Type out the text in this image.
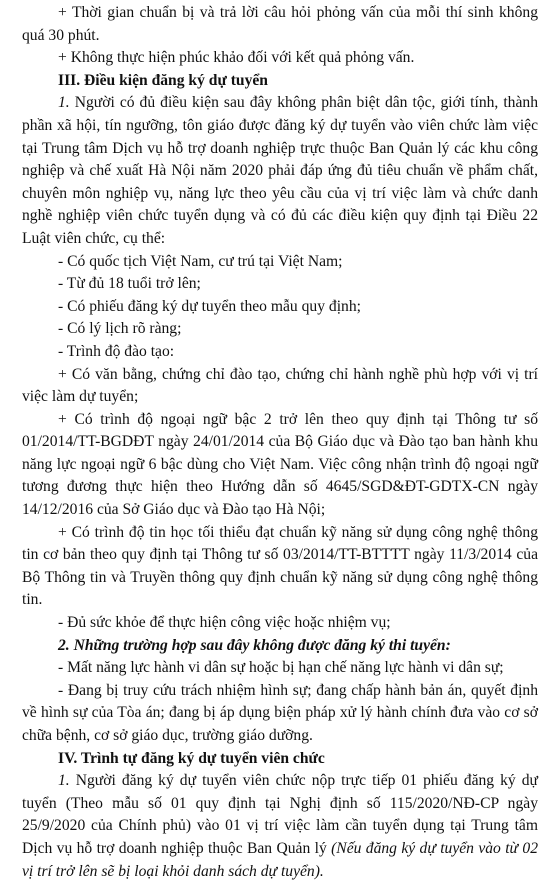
+ Thời gian chuẩn bị và trả lời câu hỏi phỏng vấn của mỗi thí sinh không quá 30 phút.

+ Không thực hiện phúc khảo đối với kết quả phỏng vấn.

III. Điều kiện đăng ký dự tuyển

1. Người có đủ điều kiện sau đây không phân biệt dân tộc, giới tính, thành phần xã hội, tín ngưỡng, tôn giáo được đăng ký dự tuyển vào viên chức làm việc tại Trung tâm Dịch vụ hỗ trợ doanh nghiệp trực thuộc Ban Quản lý các khu công nghiệp và chế xuất Hà Nội năm 2020 phải đáp ứng đủ tiêu chuẩn về phẩm chất, chuyên môn nghiệp vụ, năng lực theo yêu cầu của vị trí việc làm và chức danh nghề nghiệp viên chức tuyển dụng và có đủ các điều kiện quy định tại Điều 22 Luật viên chức, cụ thể:

- Có quốc tịch Việt Nam, cư trú tại Việt Nam;

- Từ đủ 18 tuổi trở lên;

- Có phiếu đăng ký dự tuyển theo mẫu quy định;

- Có lý lịch rõ ràng;

- Trình độ đào tạo:

+ Có văn bằng, chứng chỉ đào tạo, chứng chỉ hành nghề phù hợp với vị trí việc làm dự tuyển;

+ Có trình độ ngoại ngữ bậc 2 trở lên theo quy định tại Thông tư số 01/2014/TT-BGDĐT ngày 24/01/2014 của Bộ Giáo dục và Đào tạo ban hành khu năng lực ngoại ngữ 6 bậc dùng cho Việt Nam. Việc công nhận trình độ ngoại ngữ tương đương thực hiện theo Hướng dẫn số 4645/SGD&ĐT-GDTX-CN ngày 14/12/2016 của Sở Giáo dục và Đào tạo Hà Nội;

+ Có trình độ tin học tối thiểu đạt chuẩn kỹ năng sử dụng công nghệ thông tin cơ bản theo quy định tại Thông tư số 03/2014/TT-BTTTT ngày 11/3/2014 của Bộ Thông tin và Truyền thông quy định chuẩn kỹ năng sử dụng công nghệ thông tin.

- Đủ sức khỏe để thực hiện công việc hoặc nhiệm vụ;

2. Những trường hợp sau đây không được đăng ký thi tuyển:

- Mất năng lực hành vi dân sự hoặc bị hạn chế năng lực hành vi dân sự;

- Đang bị truy cứu trách nhiệm hình sự; đang chấp hành bản án, quyết định về hình sự của Tòa án; đang bị áp dụng biện pháp xử lý hành chính đưa vào cơ sở chữa bệnh, cơ sở giáo dục, trường giáo dưỡng.

IV. Trình tự đăng ký dự tuyển viên chức

1. Người đăng ký dự tuyển viên chức nộp trực tiếp 01 phiếu đăng ký dự tuyển (Theo mẫu số 01 quy định tại Nghị định số 115/2020/NĐ-CP ngày 25/9/2020 của Chính phủ) vào 01 vị trí việc làm cần tuyển dụng tại Trung tâm Dịch vụ hỗ trợ doanh nghiệp thuộc Ban Quản lý (Nếu đăng ký dự tuyển vào từ 02 vị trí trở lên sẽ bị loại khỏi danh sách dự tuyển).
